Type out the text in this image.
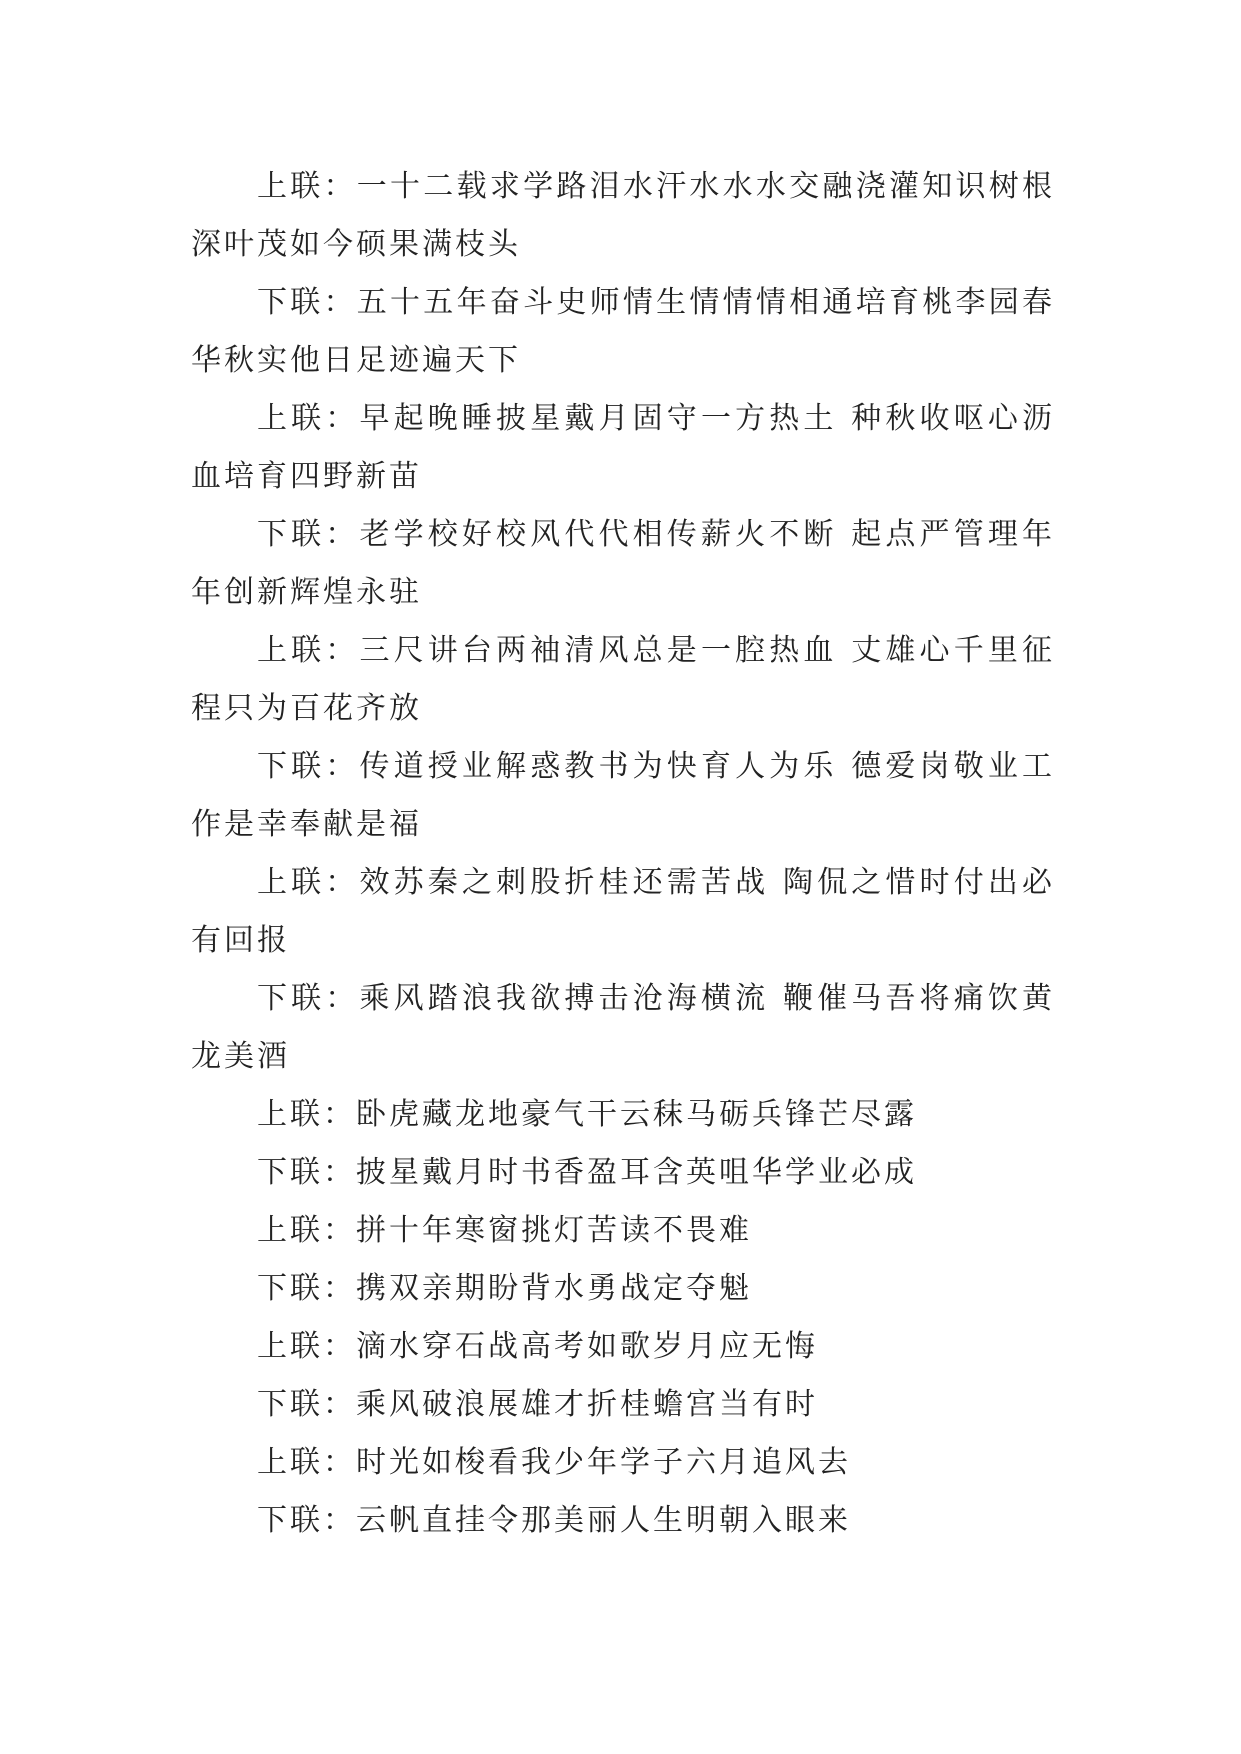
上联：一十二载求学路泪水汗水水水交融浇灌知识树根深叶茂如今硕果满枝头

下联：五十五年奋斗史师情生情情情相通培育桃李园春华秋实他日足迹遍天下

上联：早起晚睡披星戴月固守一方热土 种秋收呕心沥血培育四野新苗

下联：老学校好校风代代相传薪火不断 起点严管理年年创新辉煌永驻

上联：三尺讲台两袖清风总是一腔热血 丈雄心千里征程只为百花齐放

下联：传道授业解惑教书为快育人为乐 德爱岗敬业工作是幸奉献是福

上联：效苏秦之刺股折桂还需苦战 陶侃之惜时付出必有回报

下联：乘风踏浪我欲搏击沧海横流 鞭催马吾将痛饮黄龙美酒

上联：卧虎藏龙地豪气干云秣马砺兵锋芒尽露

下联：披星戴月时书香盈耳含英咀华学业必成

上联：拼十年寒窗挑灯苦读不畏难

下联：携双亲期盼背水勇战定夺魁

上联：滴水穿石战高考如歌岁月应无悔

下联：乘风破浪展雄才折桂蟾宫当有时

上联：时光如梭看我少年学子六月追风去

下联：云帆直挂令那美丽人生明朝入眼来
